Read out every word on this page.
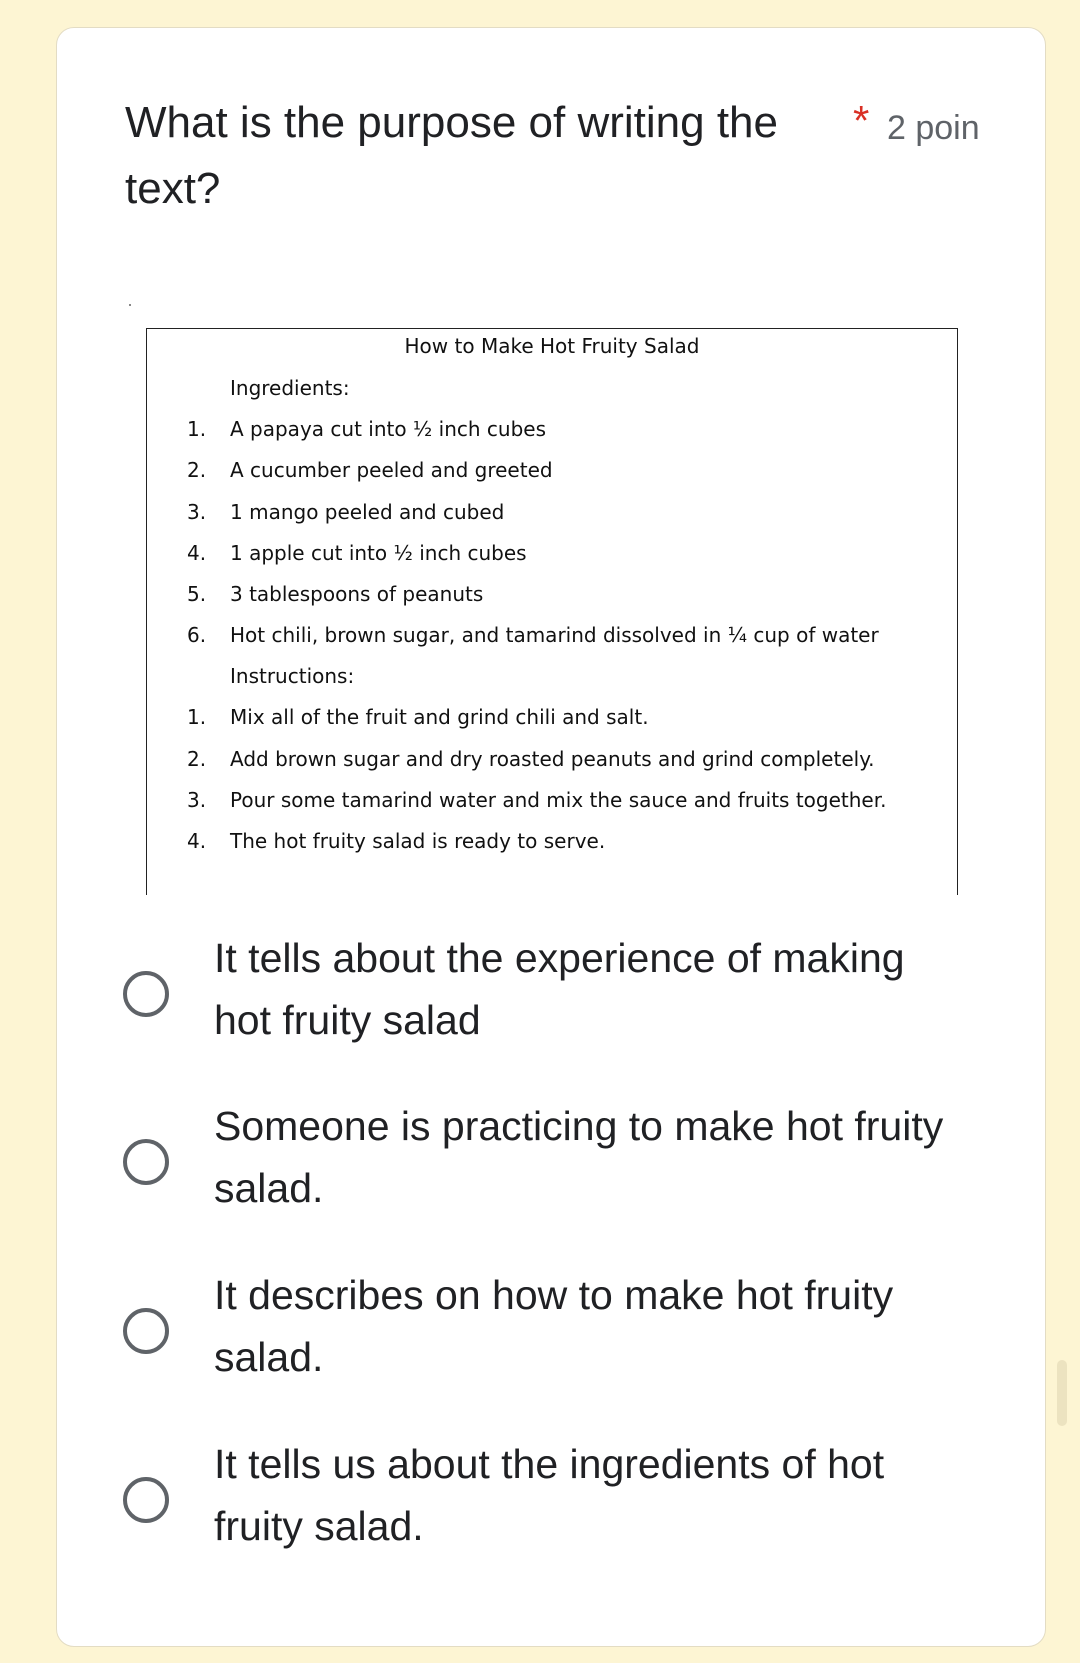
What is the purpose of writing the text?
* 2 poin
How to Make Hot Fruity Salad
Ingredients:
1. A papaya cut into ½ inch cubes
2. A cucumber peeled and greeted
3. 1 mango peeled and cubed
4. 1 apple cut into ½ inch cubes
5. 3 tablespoons of peanuts
6. Hot chili, brown sugar, and tamarind dissolved in ¼ cup of water
Instructions:
1. Mix all of the fruit and grind chili and salt.
2. Add brown sugar and dry roasted peanuts and grind completely.
3. Pour some tamarind water and mix the sauce and fruits together.
4. The hot fruity salad is ready to serve.
It tells about the experience of making hot fruity salad
Someone is practicing to make hot fruity salad.
It describes on how to make hot fruity salad.
It tells us about the ingredients of hot fruity salad.
